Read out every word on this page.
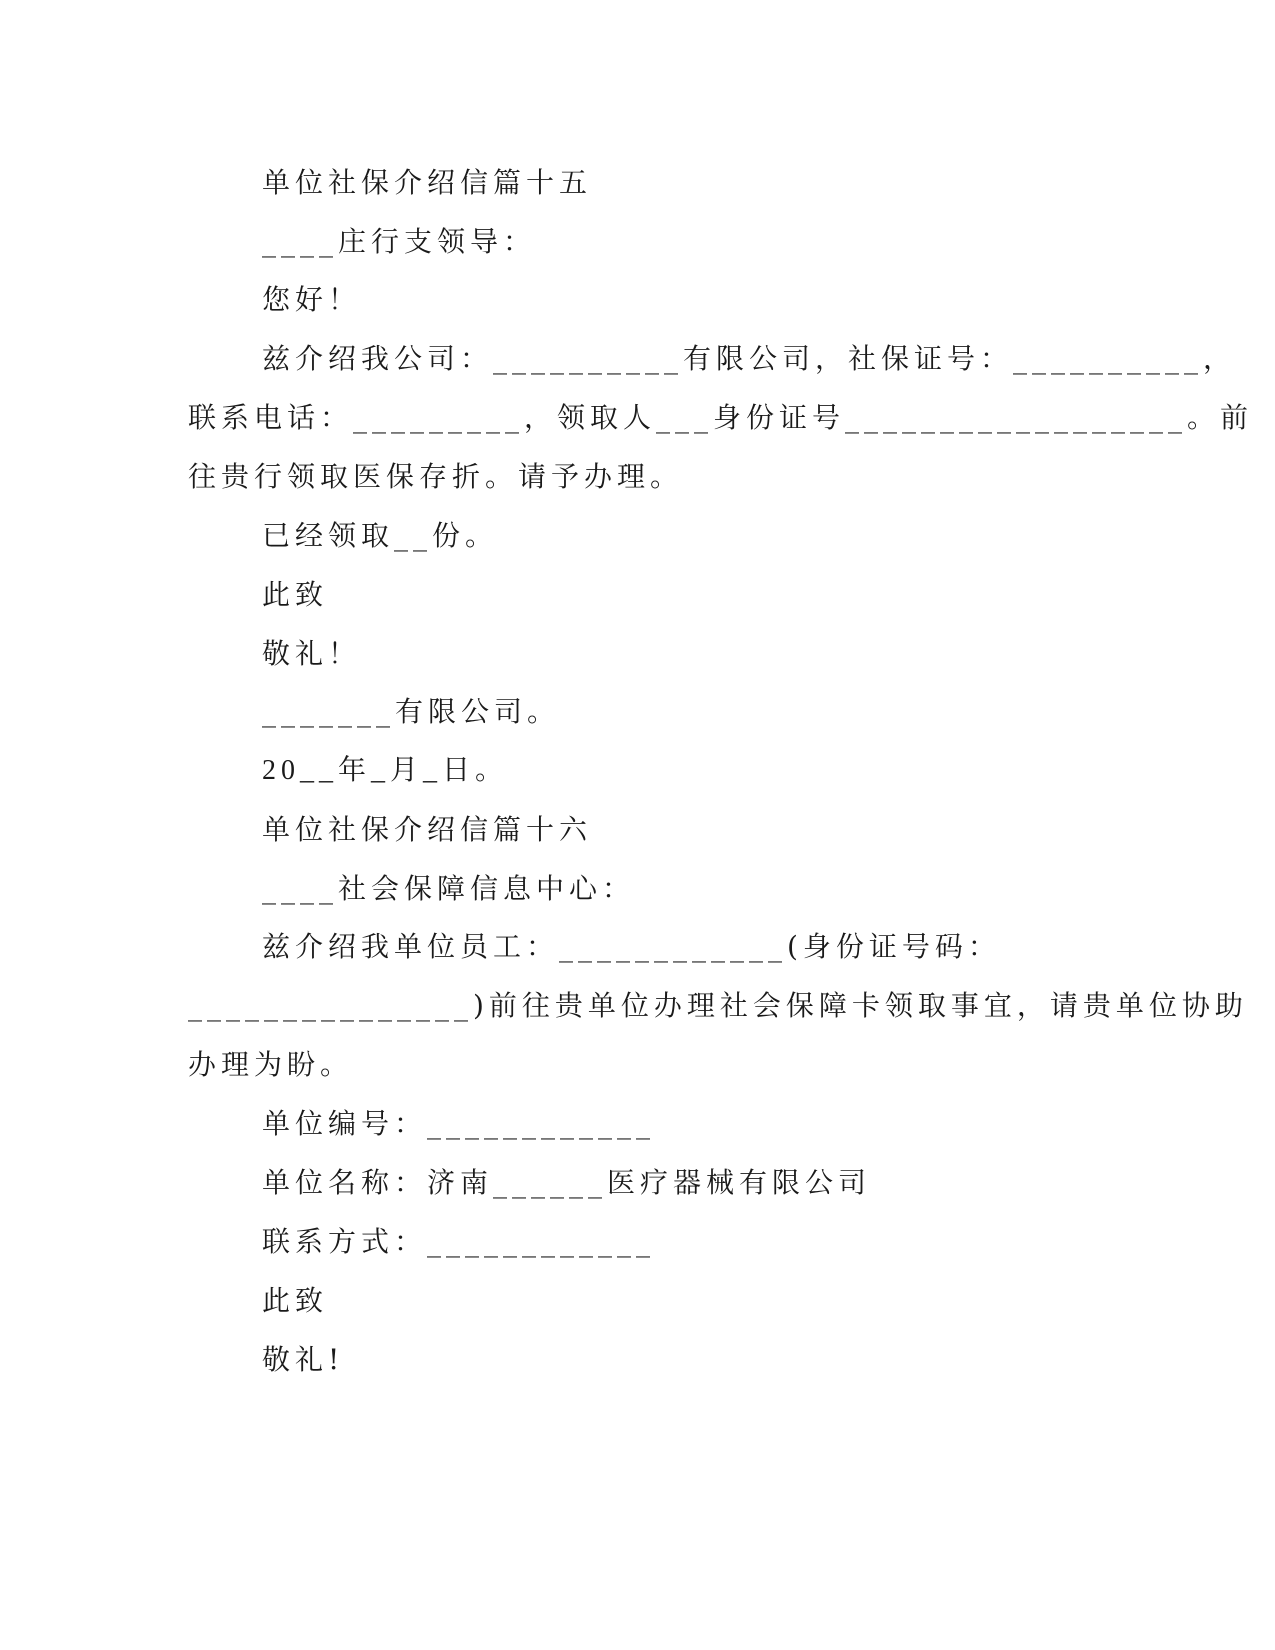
单位社保介绍信篇十五
____庄行支领导：
您好！
兹介绍我公司：__________有限公司，社保证号：__________，
联系电话：_________，领取人___身份证号__________________。前
往贵行领取医保存折。请予办理。
已经领取__份。
此致
敬礼！
_______有限公司。
20__年_月_日。
单位社保介绍信篇十六
____社会保障信息中心：
兹介绍我单位员工：____________(身份证号码：
_______________)前往贵单位办理社会保障卡领取事宜，请贵单位协助
办理为盼。
单位编号：____________
单位名称：济南______医疗器械有限公司
联系方式：____________
此致
敬礼!
